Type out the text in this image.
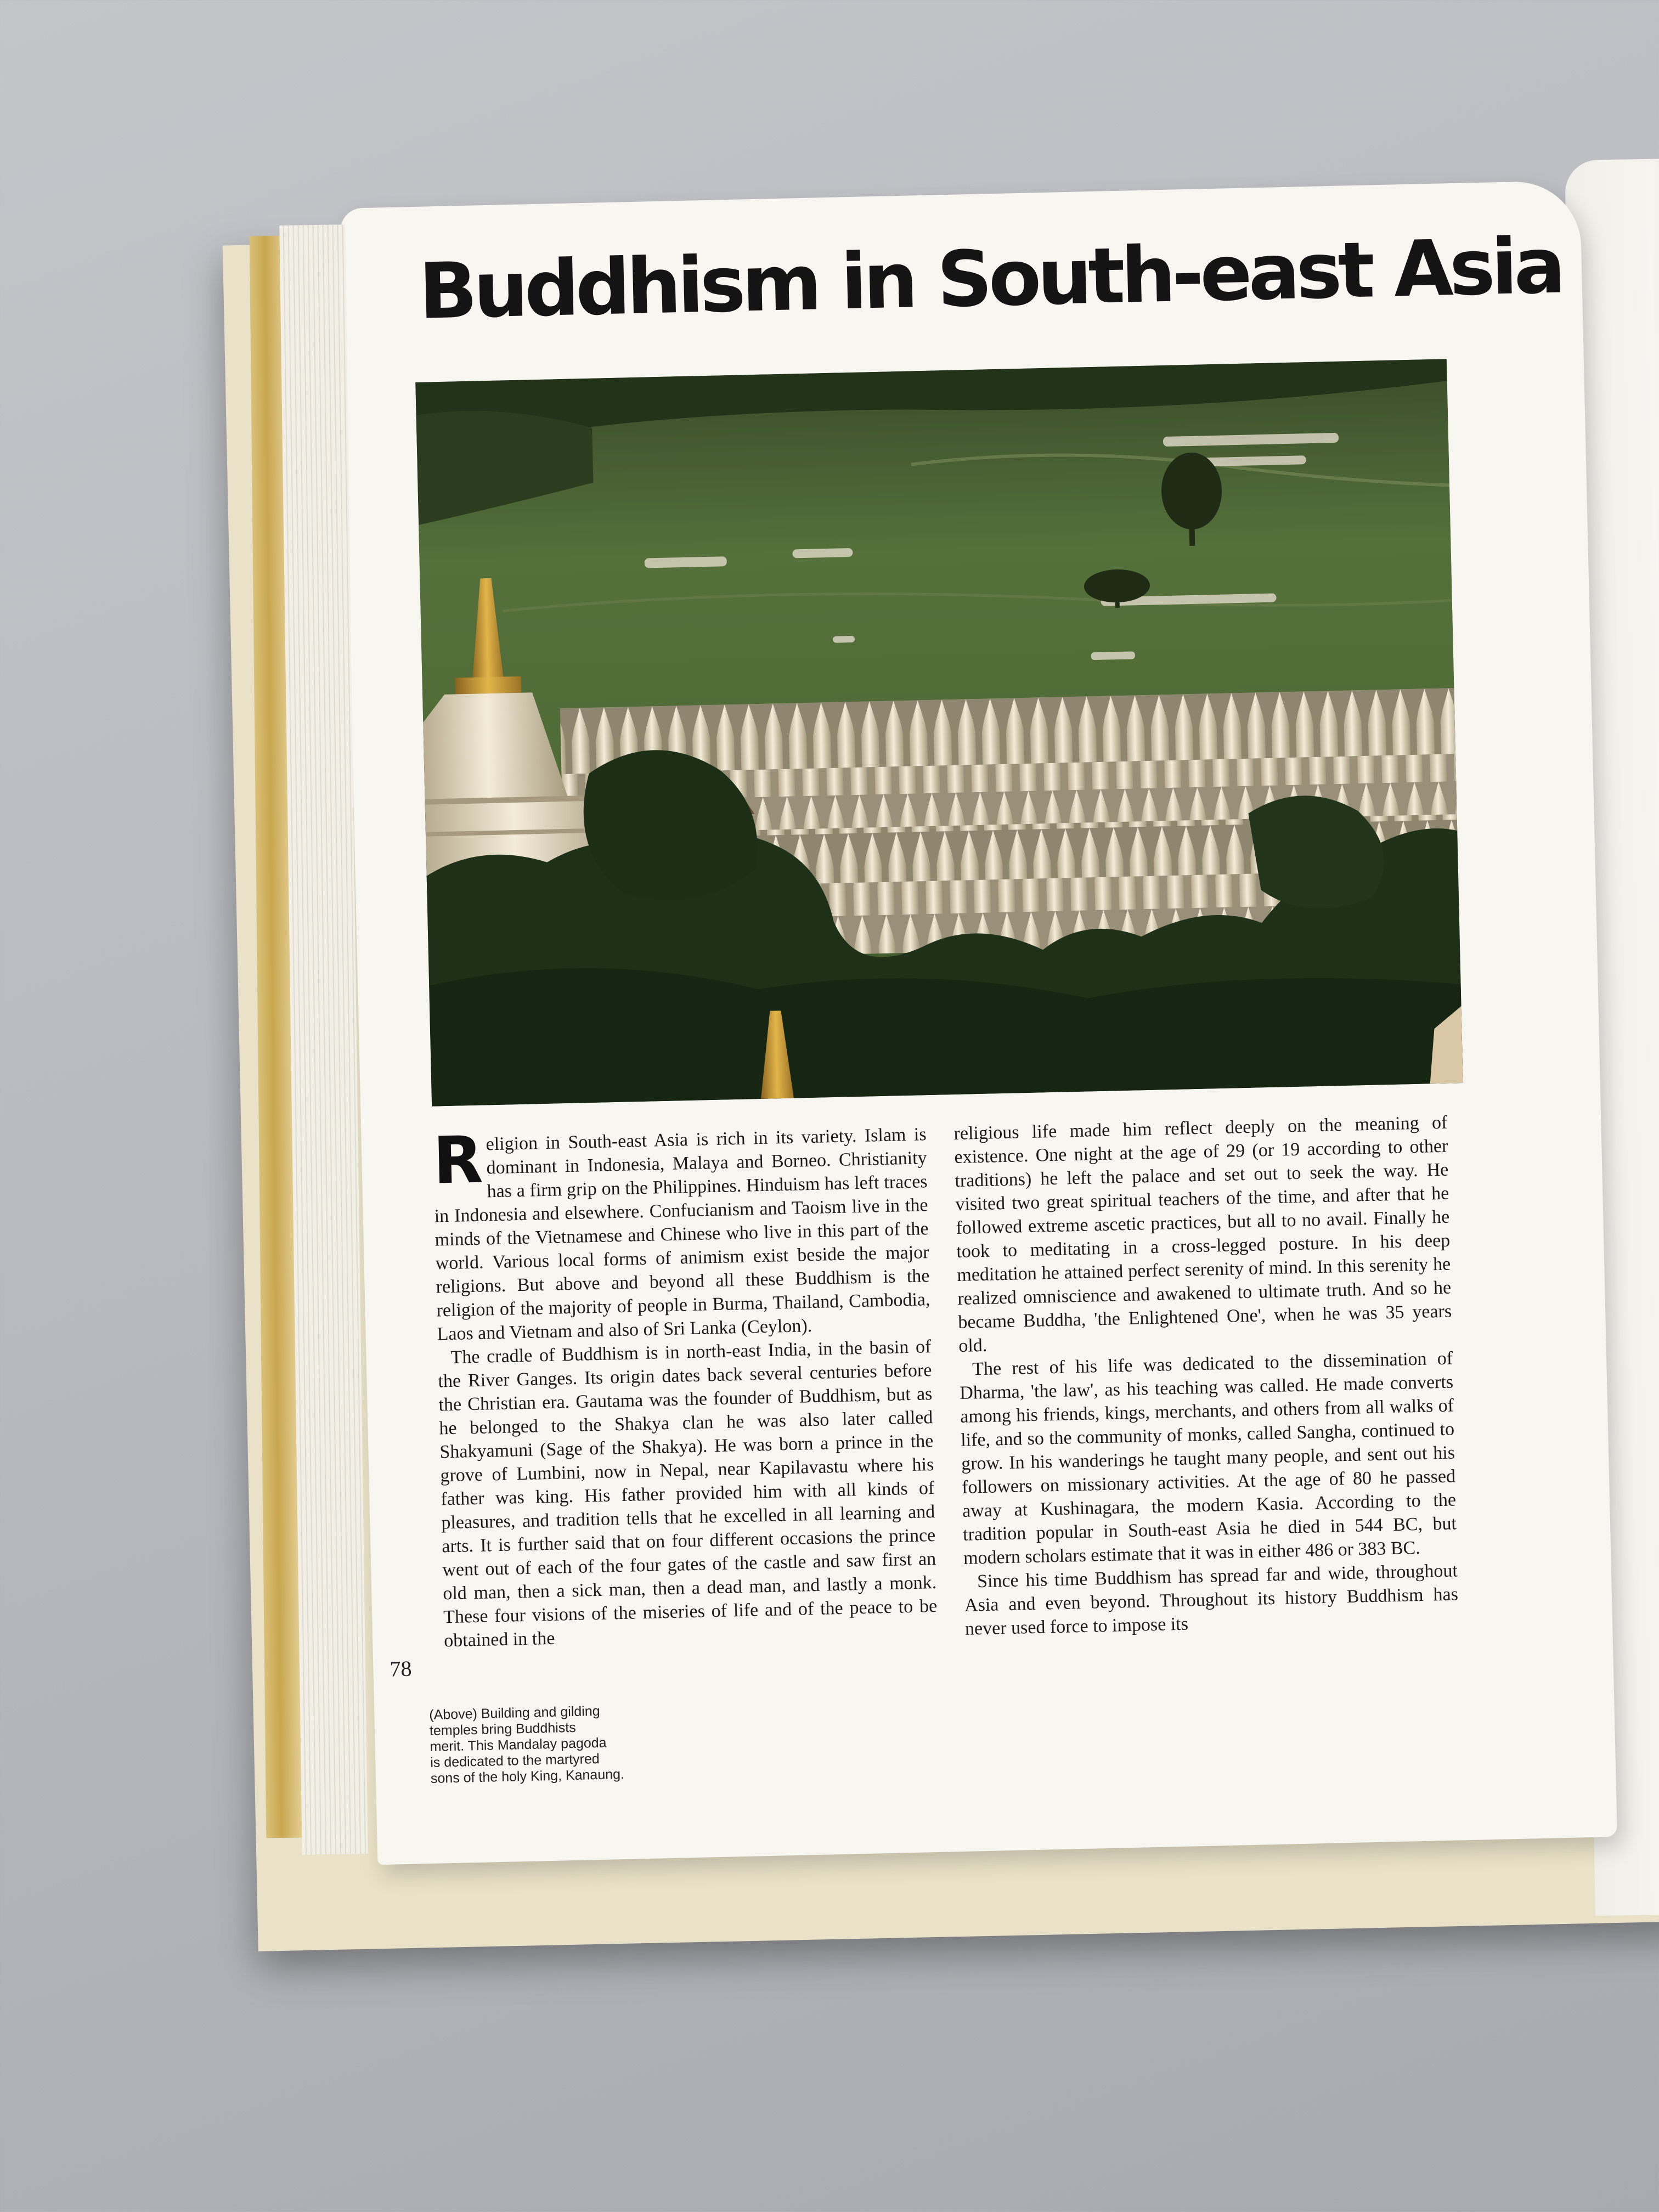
Buddhism in South-east Asia

Religion in South-east Asia is rich in its variety. Islam is dominant in Indonesia, Malaya and Borneo. Christianity has a firm grip on the Philippines. Hinduism has left traces in Indonesia and elsewhere. Confucianism and Taoism live in the minds of the Vietnamese and Chinese who live in this part of the world. Various local forms of animism exist beside the major religions. But above and beyond all these Buddhism is the religion of the majority of people in Burma, Thailand, Cambodia, Laos and Vietnam and also of Sri Lanka (Ceylon).

The cradle of Buddhism is in north-east India, in the basin of the River Ganges. Its origin dates back several centuries before the Christian era. Gautama was the founder of Buddhism, but as he belonged to the Shakya clan he was also later called Shakyamuni (Sage of the Shakya). He was born a prince in the grove of Lumbini, now in Nepal, near Kapilavastu where his father was king. His father provided him with all kinds of pleasures, and tradition tells that he excelled in all learning and arts. It is further said that on four different occasions the prince went out of each of the four gates of the castle and saw first an old man, then a sick man, then a dead man, and lastly a monk. These four visions of the miseries of life and of the peace to be obtained in the

religious life made him reflect deeply on the meaning of existence. One night at the age of 29 (or 19 according to other traditions) he left the palace and set out to seek the way. He visited two great spiritual teachers of the time, and after that he followed extreme ascetic practices, but all to no avail. Finally he took to meditating in a cross-legged posture. In his deep meditation he attained perfect serenity of mind. In this serenity he realized omniscience and awakened to ultimate truth. And so he became Buddha, 'the Enlightened One', when he was 35 years old.

The rest of his life was dedicated to the dissemination of Dharma, 'the law', as his teaching was called. He made converts among his friends, kings, merchants, and others from all walks of life, and so the community of monks, called Sangha, continued to grow. In his wanderings he taught many people, and sent out his followers on missionary activities. At the age of 80 he passed away at Kushinagara, the modern Kasia. According to the tradition popular in South-east Asia he died in 544 BC, but modern scholars estimate that it was in either 486 or 383 BC.

Since his time Buddhism has spread far and wide, throughout Asia and even beyond. Throughout its history Buddhism has never used force to impose its

78
(Above) Building and gilding
temples bring Buddhists
merit. This Mandalay pagoda
is dedicated to the martyred
sons of the holy King, Kanaung.
